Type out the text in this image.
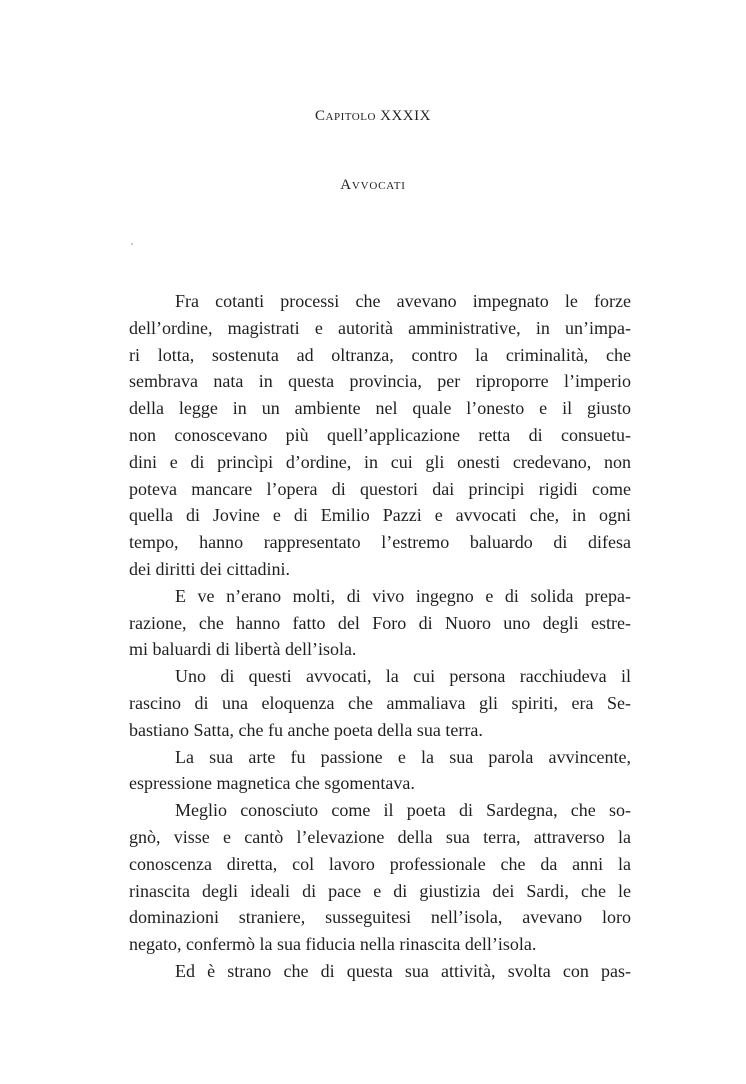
Capitolo XXXIX
Avvocati
Fra cotanti processi che avevano impegnato le forze
dell’ordine, magistrati e autorità amministrative, in un’impa-
ri lotta, sostenuta ad oltranza, contro la criminalità, che
sembrava nata in questa provincia, per riproporre l’imperio
della legge in un ambiente nel quale l’onesto e il giusto
non conoscevano più quell’applicazione retta di consuetu-
dini e di princìpi d’ordine, in cui gli onesti credevano, non
poteva mancare l’opera di questori dai principi rigidi come
quella di Jovine e di Emilio Pazzi e avvocati che, in ogni
tempo, hanno rappresentato l’estremo baluardo di difesa
dei diritti dei cittadini.
E ve n’erano molti, di vivo ingegno e di solida prepa-
razione, che hanno fatto del Foro di Nuoro uno degli estre-
mi baluardi di libertà dell’isola.
Uno di questi avvocati, la cui persona racchiudeva il
rascino di una eloquenza che ammaliava gli spiriti, era Se-
bastiano Satta, che fu anche poeta della sua terra.
La sua arte fu passione e la sua parola avvincente,
espressione magnetica che sgomentava.
Meglio conosciuto come il poeta di Sardegna, che so-
gnò, visse e cantò l’elevazione della sua terra, attraverso la
conoscenza diretta, col lavoro professionale che da anni la
rinascita degli ideali di pace e di giustizia dei Sardi, che le
dominazioni straniere, susseguitesi nell’isola, avevano loro
negato, confermò la sua fiducia nella rinascita dell’isola.
Ed è strano che di questa sua attività, svolta con pas-
